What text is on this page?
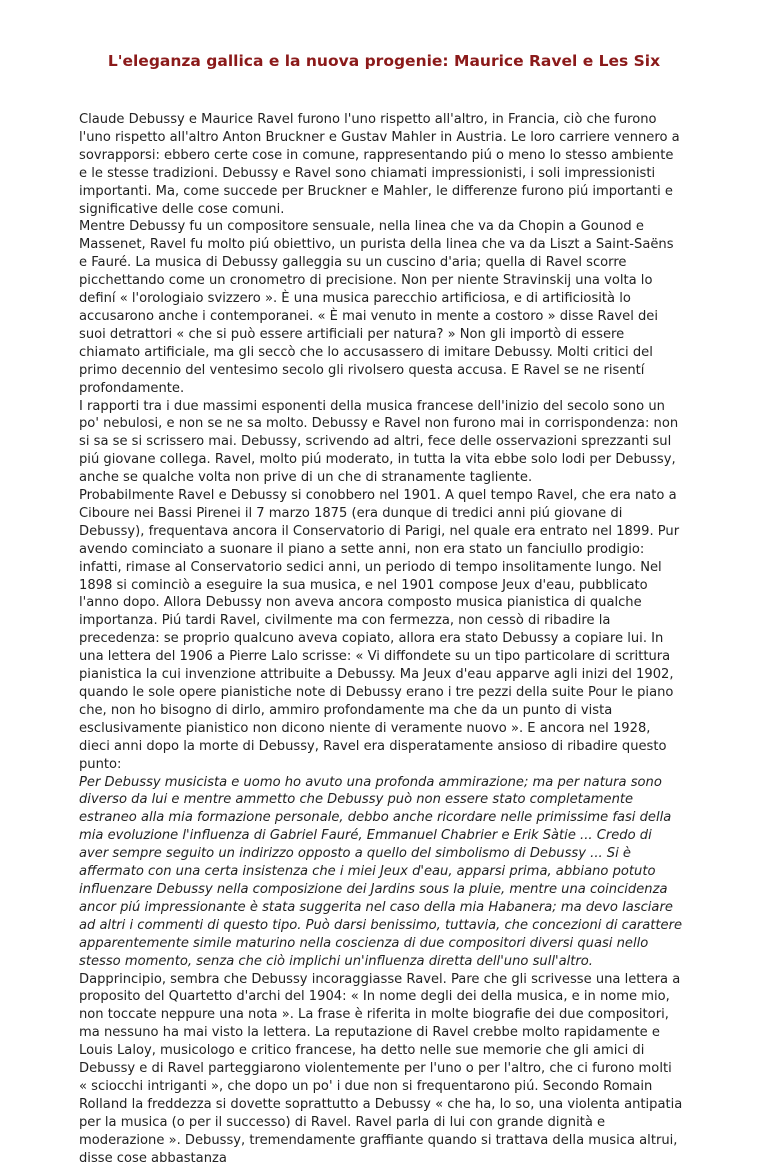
L'eleganza gallica e la nuova progenie: Maurice Ravel e Les Six

Claude Debussy e Maurice Ravel furono l'uno rispetto all'altro, in Francia, ciò che furono l'uno rispetto all'altro Anton Bruckner e Gustav Mahler in Austria. Le loro carriere vennero a sovrapporsi: ebbero certe cose in comune, rappresentando piú o meno lo stesso ambiente e le stesse tradizioni. Debussy e Ravel sono chiamati impressionisti, i soli impressionisti importanti. Ma, come succede per Bruckner e Mahler, le differenze furono piú importanti e significative delle cose comuni.

Mentre Debussy fu un compositore sensuale, nella linea che va da Chopin a Gounod e Massenet, Ravel fu molto piú obiettivo, un purista della linea che va da Liszt a Saint-Saëns e Fauré. La musica di Debussy galleggia su un cuscino d'aria; quella di Ravel scorre picchettando come un cronometro di precisione. Non per niente Stravinskij una volta lo definí « l'orologiaio svizzero ». È una musica parecchio artificiosa, e di artificiosità lo accusarono anche i contemporanei. « È mai venuto in mente a costoro » disse Ravel dei suoi detrattori « che si può essere artificiali per natura? » Non gli importò di essere chiamato artificiale, ma gli seccò che lo accusassero di imitare Debussy. Molti critici del primo decennio del ventesimo secolo gli rivolsero questa accusa. E Ravel se ne risentí profondamente.

I rapporti tra i due massimi esponenti della musica francese dell'inizio del secolo sono un po' nebulosi, e non se ne sa molto. Debussy e Ravel non furono mai in corrispondenza: non si sa se si scrissero mai. Debussy, scrivendo ad altri, fece delle osservazioni sprezzanti sul piú giovane collega. Ravel, molto piú moderato, in tutta la vita ebbe solo lodi per Debussy, anche se qualche volta non prive di un che di stranamente tagliente.

Probabilmente Ravel e Debussy si conobbero nel 1901. A quel tempo Ravel, che era nato a Ciboure nei Bassi Pirenei il 7 marzo 1875 (era dunque di tredici anni piú giovane di Debussy), frequentava ancora il Conservatorio di Parigi, nel quale era entrato nel 1899. Pur avendo cominciato a suonare il piano a sette anni, non era stato un fanciullo prodigio: infatti, rimase al Conservatorio sedici anni, un periodo di tempo insolitamente lungo. Nel 1898 si cominciò a eseguire la sua musica, e nel 1901 compose Jeux d'eau, pubblicato l'anno dopo. Allora Debussy non aveva ancora composto musica pianistica di qualche importanza. Piú tardi Ravel, civilmente ma con fermezza, non cessò di ribadire la precedenza: se proprio qualcuno aveva copiato, allora era stato Debussy a copiare lui. In una lettera del 1906 a Pierre Lalo scrisse: « Vi diffondete su un tipo particolare di scrittura pianistica la cui invenzione attribuite a Debussy. Ma Jeux d'eau apparve agli inizi del 1902, quando le sole opere pianistiche note di Debussy erano i tre pezzi della suite Pour le piano che, non ho bisogno di dirlo, ammiro profondamente ma che da un punto di vista esclusivamente pianistico non dicono niente di veramente nuovo ». E ancora nel 1928, dieci anni dopo la morte di Debussy, Ravel era disperatamente ansioso di ribadire questo punto:

Per Debussy musicista e uomo ho avuto una profonda ammirazione; ma per natura sono diverso da lui e mentre ammetto che Debussy può non essere stato completamente estraneo alla mia formazione personale, debbo anche ricordare nelle primissime fasi della mia evoluzione l'influenza di Gabriel Fauré, Emmanuel Chabrier e Erik Sàtie ... Credo di aver sempre seguito un indirizzo opposto a quello del simbolismo di Debussy ... Si è affermato con una certa insistenza che i miei Jeux d'eau, apparsi prima, abbiano potuto influenzare Debussy nella composizione dei Jardins sous la pluie, mentre una coincidenza ancor piú impressionante è stata suggerita nel caso della mia Habanera; ma devo lasciare ad altri i commenti di questo tipo. Può darsi benissimo, tuttavia, che concezioni di carattere apparentemente simile maturino nella coscienza di due compositori diversi quasi nello stesso momento, senza che ciò implichi un'influenza diretta dell'uno sull'altro.

Dapprincipio, sembra che Debussy incoraggiasse Ravel. Pare che gli scrivesse una lettera a proposito del Quartetto d'archi del 1904: « In nome degli dei della musica, e in nome mio, non toccate neppure una nota ». La frase è riferita in molte biografie dei due compositori, ma nessuno ha mai visto la lettera. La reputazione di Ravel crebbe molto rapidamente e Louis Laloy, musicologo e critico francese, ha detto nelle sue memorie che gli amici di Debussy e di Ravel parteggiarono violentemente per l'uno o per l'altro, che ci furono molti « sciocchi intriganti », che dopo un po' i due non si frequentarono piú. Secondo Romain Rolland la freddezza si dovette soprattutto a Debussy « che ha, lo so, una violenta antipatia per la musica (o per il successo) di Ravel. Ravel parla di lui con grande dignità e moderazione ». Debussy, tremendamente graffiante quando si trattava della musica altrui, disse cose abbastanza
